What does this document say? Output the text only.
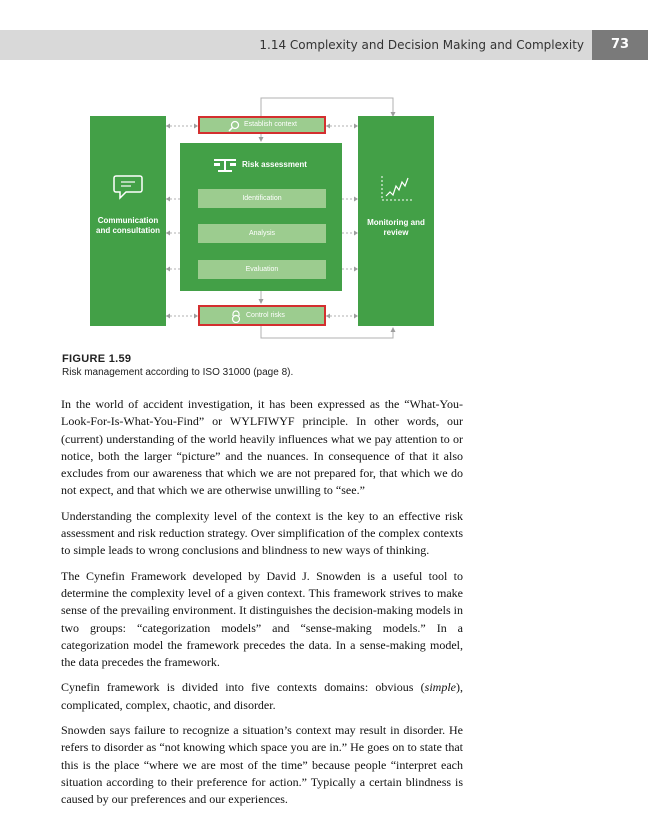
1.14 Complexity and Decision Making and Complexity	73
Communication and consultation
Monitoring and review
Establish context
Risk assessment
Identification
Analysis
Evaluation
Control risks
FIGURE 1.59
Risk management according to ISO 31000 (page 8).

In the world of accident investigation, it has been expressed as the “What-You-Look-For-Is-What-You-Find” or WYLFIWYF principle. In other words, our (current) understanding of the world heavily influences what we pay attention to or notice, both the larger “picture” and the nuances. In consequence of that it also excludes from our awareness that which we are not prepared for, that which we do not expect, and that which we are otherwise unwilling to “see.”

Understanding the complexity level of the context is the key to an effective risk assessment and risk reduction strategy. Over simplification of the complex contexts to simple leads to wrong conclusions and blindness to new ways of thinking.

The Cynefin Framework developed by David J. Snowden is a useful tool to determine the complexity level of a given context. This framework strives to make sense of the prevailing environment. It distinguishes the decision-making models in two groups: “categorization models” and “sense-making models.” In a categorization model the framework precedes the data. In a sense-making model, the data precedes the framework.

Cynefin framework is divided into five contexts domains: obvious (simple), complicated, complex, chaotic, and disorder.

Snowden says failure to recognize a situation’s context may result in disorder. He refers to disorder as “not knowing which space you are in.” He goes on to state that this is the place “where we are most of the time” because people “interpret each situation according to their preference for action.” Typically a certain blindness is caused by our preferences and our experiences.
